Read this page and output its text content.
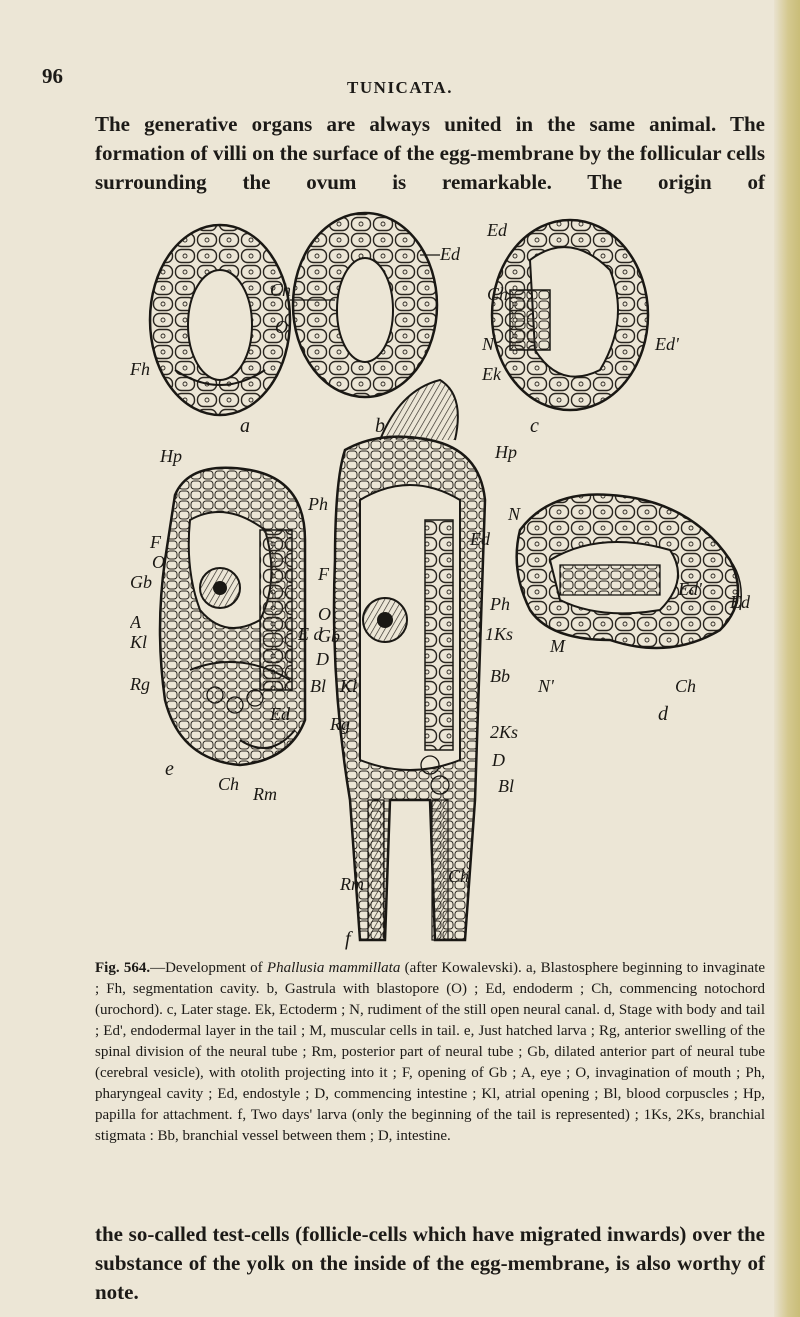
96	TUNICATA.

The generative organs are always united in the same animal. The formation of villi on the surface of the egg-membrane by the follicular cells surrounding the ovum is remarkable. The origin of

a	b	c
d
e
f
Fh
Ch
O
Ed
Ed
Ch
N
Ek
Ed'
N
Ed
Ed'
M
N'	Ch
Hp
F
O
Gb
A
Kl
Rg
Ph
E d
D
Bl Kl
Ed
Ch Rm
Hp
Ed
F
O
Gb
Ph
1Ks
Bb
2Ks
D
Bl
Rg
Ch
Rm

Fig. 564.—Development of Phallusia mammillata (after Kowalevski). a, Blastosphere beginning to invaginate ; Fh, segmentation cavity. b, Gastrula with blastopore (O) ; Ed, endoderm ; Ch, commencing notochord (urochord). c, Later stage. Ek, Ectoderm ; N, rudiment of the still open neural canal. d, Stage with body and tail ; Ed', endodermal layer in the tail ; M, muscular cells in tail. e, Just hatched larva ; Rg, anterior swelling of the spinal division of the neural tube ; Rm, posterior part of neural tube ; Gb, dilated anterior part of neural tube (cerebral vesicle), with otolith projecting into it ; F, opening of Gb ; A, eye ; O, invagination of mouth ; Ph, pharyngeal cavity ; Ed, endostyle ; D, commencing intestine ; Kl, atrial opening ; Bl, blood corpuscles ; Hp, papilla for attachment. f, Two days' larva (only the beginning of the tail is represented) ; 1Ks, 2Ks, branchial stigmata : Bb, branchial vessel between them ; D, intestine.

the so-called test-cells (follicle-cells which have migrated inwards) over the substance of the yolk on the inside of the egg-membrane, is also worthy of note.
